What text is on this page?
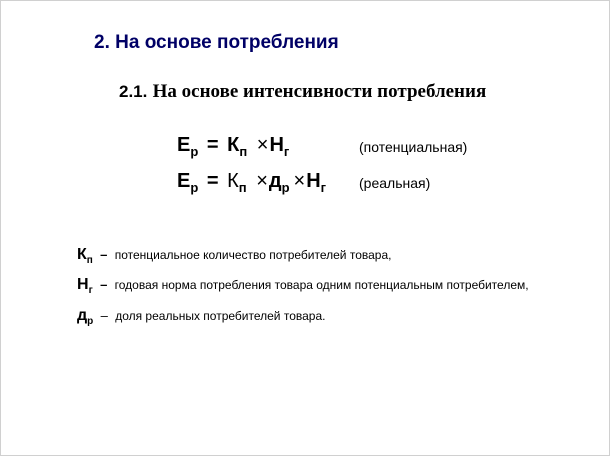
2. На основе потребления
2.1. На основе интенсивности потребления
$E_р = К_п \times Н_г$	(потенциальная)
$E_р = К_п \times д_р \times Н_г$ (реальная)
$К_п$ – потенциальное количество потребителей товара,
$Н_г$ – годовая норма потребления товара одним потенциальным потребителем,
$д_р$ – доля реальных потребителей товара.
